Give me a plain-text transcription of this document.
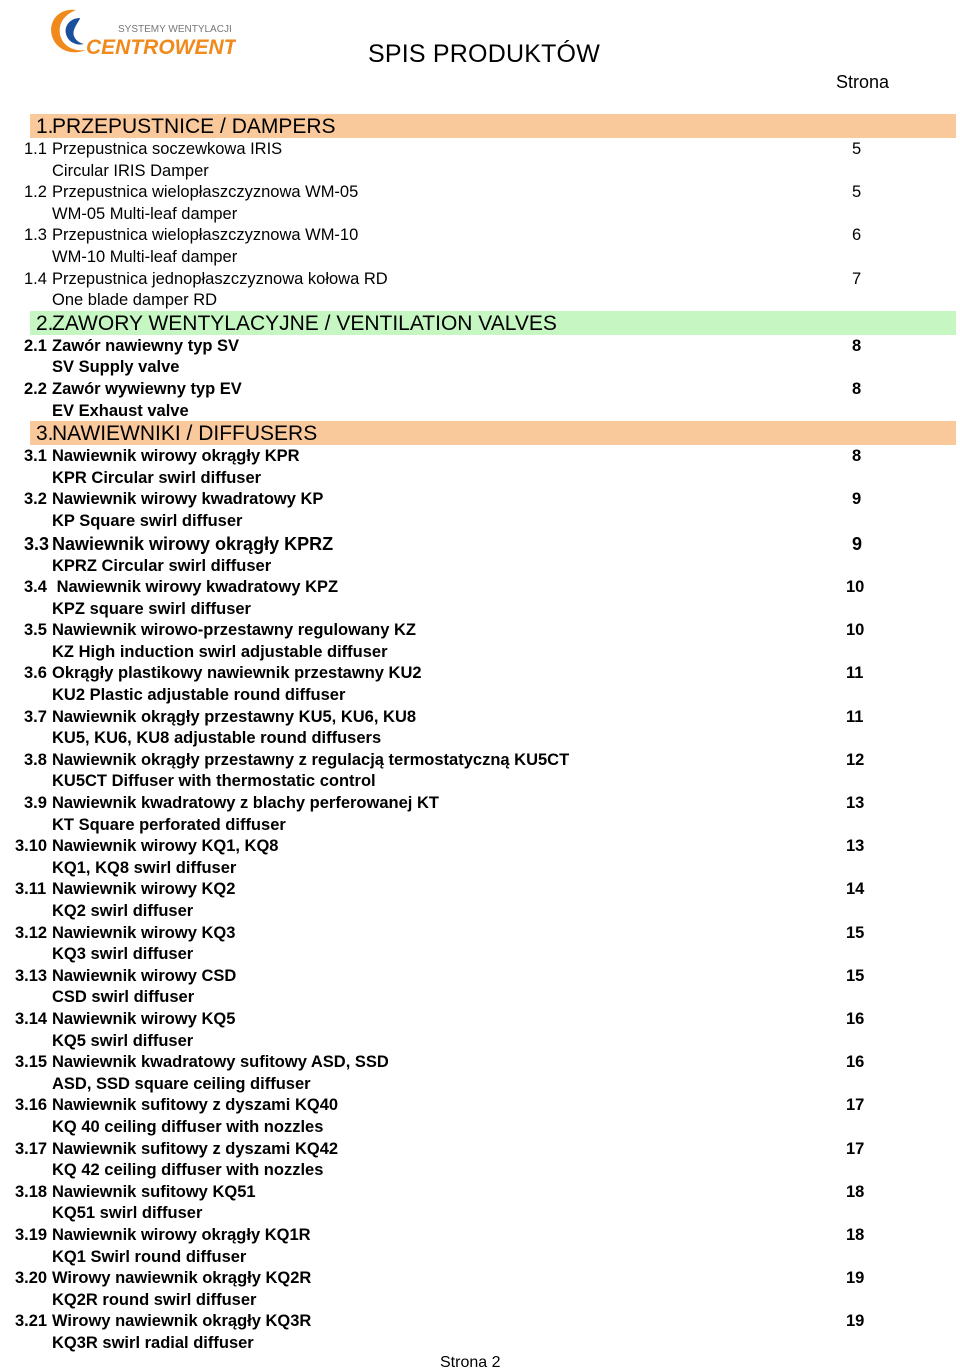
SYSTEMY WENTYLACJI
CENTROWENT	SPIS PRODUKTÓW
Strona
1.
PRZEPUSTNICE / DAMPERS
1.1 Przepustnica soczewkowa IRIS	5
Circular IRIS Damper
1.2 Przepustnica wielopłaszczyznowa WM-05	5
WM-05 Multi-leaf damper
1.3 Przepustnica wielopłaszczyznowa WM-10	6
WM-10 Multi-leaf damper
1.4 Przepustnica jednopłaszczyznowa kołowa RD	7
One blade damper RD
2.
ZAWORY WENTYLACYJNE / VENTILATION VALVES
2.1 Zawór nawiewny typ SV	8
SV Supply valve
2.2 Zawór wywiewny typ EV	8
EV Exhaust valve
3.
NAWIEWNIKI / DIFFUSERS
3.1 Nawiewnik wirowy okrągły KPR	8
KPR Circular swirl diffuser
3.2 Nawiewnik wirowy kwadratowy KP	9
KP Square swirl diffuser
3.3 Nawiewnik wirowy okrągły KPRZ	9
KPRZ Circular swirl diffuser
3.4 Nawiewnik wirowy kwadratowy KPZ	10
KPZ square swirl diffuser
3.5 Nawiewnik wirowo-przestawny regulowany KZ	10
KZ High induction swirl adjustable diffuser
3.6 Okrągły plastikowy nawiewnik przestawny KU2	11
KU2 Plastic adjustable round diffuser
3.7 Nawiewnik okrągły przestawny KU5, KU6, KU8	11
KU5, KU6, KU8 adjustable round diffusers
3.8 Nawiewnik okrągły przestawny z regulacją termostatyczną KU5CT	12
KU5CT Diffuser with thermostatic control
3.9 Nawiewnik kwadratowy z blachy perferowanej KT	13
KT Square perforated diffuser
3.10 Nawiewnik wirowy KQ1, KQ8	13
KQ1, KQ8 swirl diffuser
3.11 Nawiewnik wirowy KQ2	14
KQ2 swirl diffuser
3.12 Nawiewnik wirowy KQ3	15
KQ3 swirl diffuser
3.13 Nawiewnik wirowy CSD	15
CSD swirl diffuser
3.14 Nawiewnik wirowy KQ5	16
KQ5 swirl diffuser
3.15 Nawiewnik kwadratowy sufitowy ASD, SSD	16
ASD, SSD square ceiling diffuser
3.16 Nawiewnik sufitowy z dyszami KQ40	17
KQ 40 ceiling diffuser with nozzles
3.17 Nawiewnik sufitowy z dyszami KQ42	17
KQ 42 ceiling diffuser with nozzles
3.18 Nawiewnik sufitowy KQ51	18
KQ51 swirl diffuser
3.19 Nawiewnik wirowy okrągły KQ1R	18
KQ1 Swirl round diffuser
3.20 Wirowy nawiewnik okrągły KQ2R	19
KQ2R round swirl diffuser
3.21 Wirowy nawiewnik okrągły KQ3R	19
KQ3R swirl radial diffuser
Strona 2
